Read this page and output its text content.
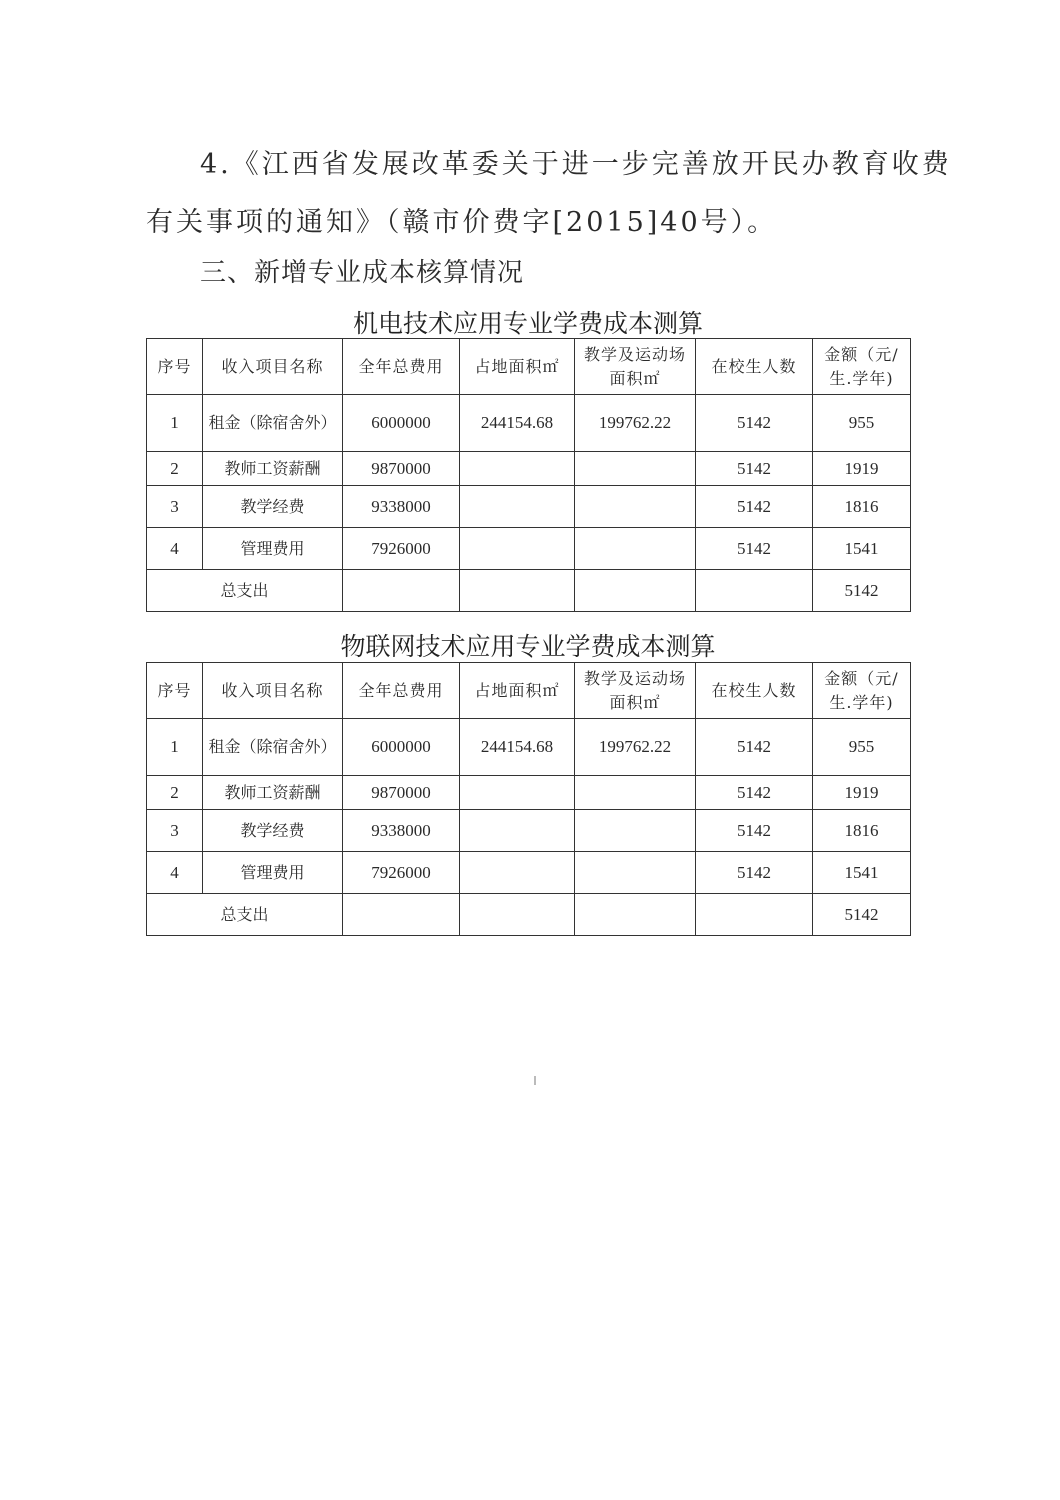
4.《江西省发展改革委关于进一步完善放开民办教育收费
有关事项的通知》（赣市价费字[2015]40号）。
三、新增专业成本核算情况
机电技术应用专业学费成本测算
序号	收入项目名称	全年总费用	占地面积㎡	教学及运动场面积㎡	在校生人数	金额（元/生.学年)
1	租金（除宿舍外）	6000000	244154.68	199762.22	5142	955
2	教师工资薪酬	9870000			5142	1919
3	教学经费	9338000			5142	1816
4	管理费用	7926000			5142	1541
总支出						5142
物联网技术应用专业学费成本测算
序号	收入项目名称	全年总费用	占地面积㎡	教学及运动场面积㎡	在校生人数	金额（元/生.学年)
1	租金（除宿舍外）	6000000	244154.68	199762.22	5142	955
2	教师工资薪酬	9870000			5142	1919
3	教学经费	9338000			5142	1816
4	管理费用	7926000			5142	1541
总支出						5142
